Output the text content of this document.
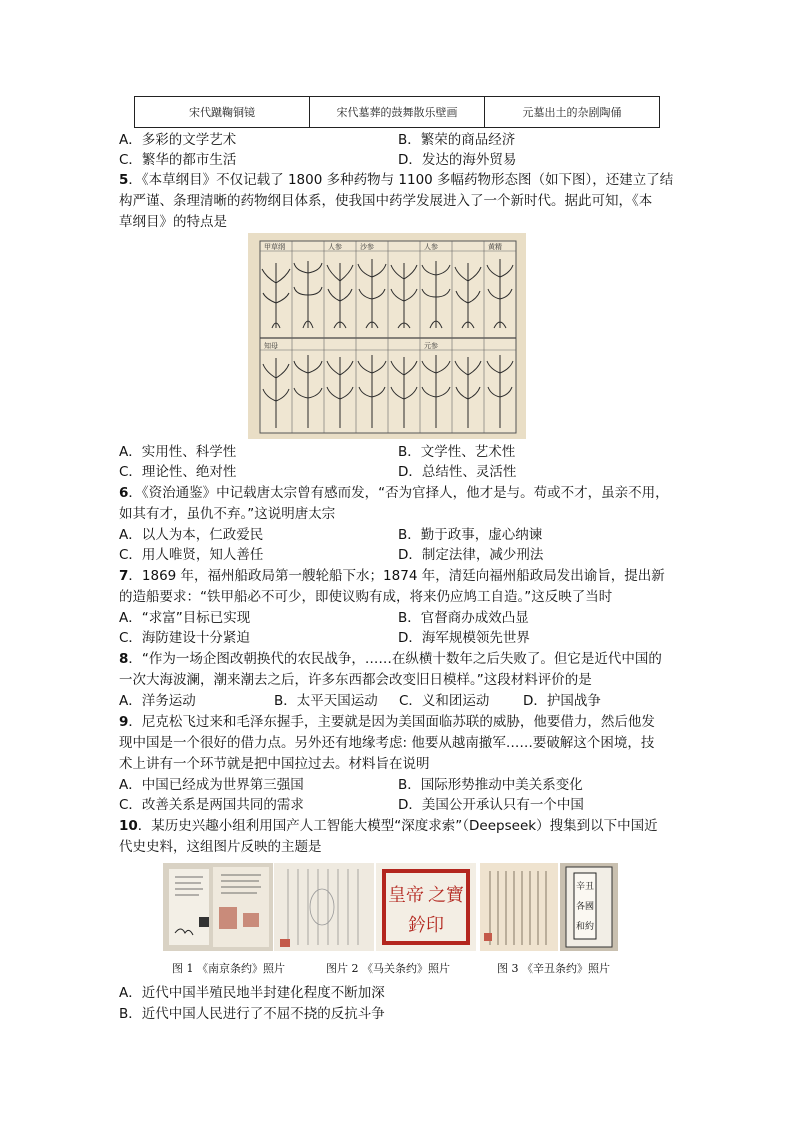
宋代蹴鞠铜镜	宋代墓葬的鼓舞散乐壁画	元墓出土的杂剧陶俑
A．多彩的文学艺术	B．繁荣的商品经济
C．繁华的都市生活	D．发达的海外贸易
5．《本草纲目》不仅记载了 1800 多种药物与 1100 多幅药物形态图（如下图），还建立了结
构严谨、条理清晰的药物纲目体系，使我国中药学发展进入了一个新时代。据此可知，《本
草纲目》的特点是
甲草纲	人参	沙参	人参	黄精
知母	元参
A．实用性、科学性	B．文学性、艺术性
C．理论性、绝对性	D．总结性、灵活性
6．《资治通鉴》中记载唐太宗曾有感而发，“否为官择人，他才是与。苟或不才，虽亲不用，
如其有才，虽仇不弃。”这说明唐太宗
A．以人为本，仁政爱民	B．勤于政事，虚心纳谏
C．用人唯贤，知人善任	D．制定法律，减少刑法
7．1869 年，福州船政局第一艘轮船下水；1874 年，清廷向福州船政局发出谕旨，提出新
的造船要求：“铁甲船必不可少，即使议购有成，将来仍应鸠工自造。”这反映了当时
A．“求富”目标已实现	B．官督商办成效凸显
C．海防建设十分紧迫	D．海军规模领先世界
8．“作为一场企图改朝换代的农民战争，……在纵横十数年之后失败了。但它是近代中国的
一次大海波澜，潮来潮去之后，许多东西都会改变旧日模样。”这段材料评价的是
A．洋务运动	B．太平天国运动 C．义和团运动 D．护国战争
9．尼克松飞过来和毛泽东握手，主要就是因为美国面临苏联的威胁，他要借力，然后他发
现中国是一个很好的借力点。另外还有地缘考虑: 他要从越南撤军……要破解这个困境，技
术上讲有一个环节就是把中国拉过去。材料旨在说明
A．中国已经成为世界第三强国	B．国际形势推动中美关系变化
C．改善关系是两国共同的需求	D．美国公开承认只有一个中国
10．某历史兴趣小组利用国产人工智能大模型“深度求索”（Deepseek）搜集到以下中国近
代史史料，这组图片反映的主题是
皇帝 之寶
鈐印
辛丑
各國
和約
图 1 《南京条约》照片	图片 2 《马关条约》照片	图 3 《辛丑条约》照片
A．近代中国半殖民地半封建化程度不断加深
B．近代中国人民进行了不屈不挠的反抗斗争
